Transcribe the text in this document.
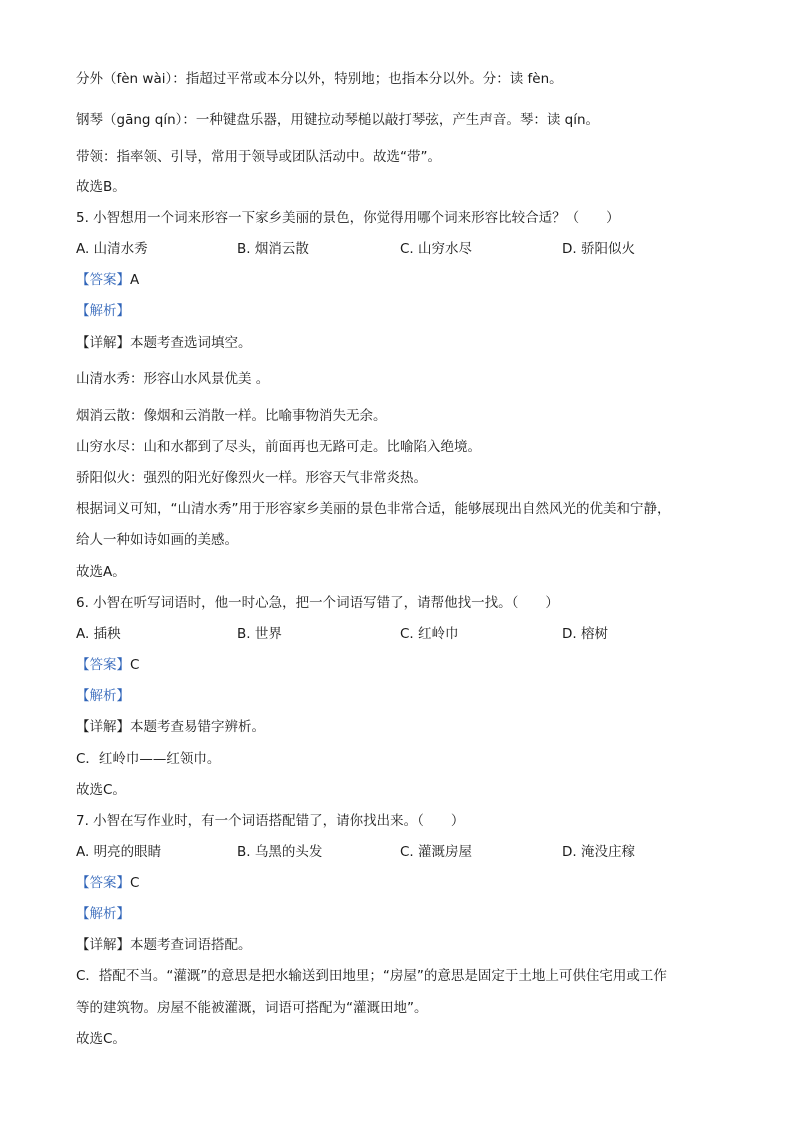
分外（fèn wài）：指超过平常或本分以外，特别地；也指本分以外。分：读 fèn。
钢琴（gāng qín）：一种键盘乐器，用键拉动琴槌以敲打琴弦，产生声音。琴：读 qín。
带领：指率领、引导，常用于领导或团队活动中。故选“带”。
故选B。
5. 小智想用一个词来形容一下家乡美丽的景色，你觉得用哪个词来形容比较合适？（　　）
A. 山清水秀	B. 烟消云散	C. 山穷水尽	D. 骄阳似火
【答案】A
【解析】
【详解】本题考查选词填空。
山清水秀：形容山水风景优美 。
烟消云散：像烟和云消散一样。比喻事物消失无余。
山穷水尽：山和水都到了尽头，前面再也无路可走。比喻陷入绝境。
骄阳似火：强烈的阳光好像烈火一样。形容天气非常炎热。
根据词义可知，“山清水秀”用于形容家乡美丽的景色非常合适，能够展现出自然风光的优美和宁静，
给人一种如诗如画的美感。
故选A。
6. 小智在听写词语时，他一时心急，把一个词语写错了，请帮他找一找。（　　）
A. 插秧	B. 世界	C. 红岭巾	D. 榕树
【答案】C
【解析】
【详解】本题考查易错字辨析。
C．红岭巾——红领巾。
故选C。
7. 小智在写作业时，有一个词语搭配错了，请你找出来。（　　）
A. 明亮的眼睛	B. 乌黑的头发	C. 灌溉房屋	D. 淹没庄稼
【答案】C
【解析】
【详解】本题考查词语搭配。
C．搭配不当。“灌溉”的意思是把水输送到田地里；“房屋”的意思是固定于土地上可供住宅用或工作
等的建筑物。房屋不能被灌溉，词语可搭配为“灌溉田地”。
故选C。
